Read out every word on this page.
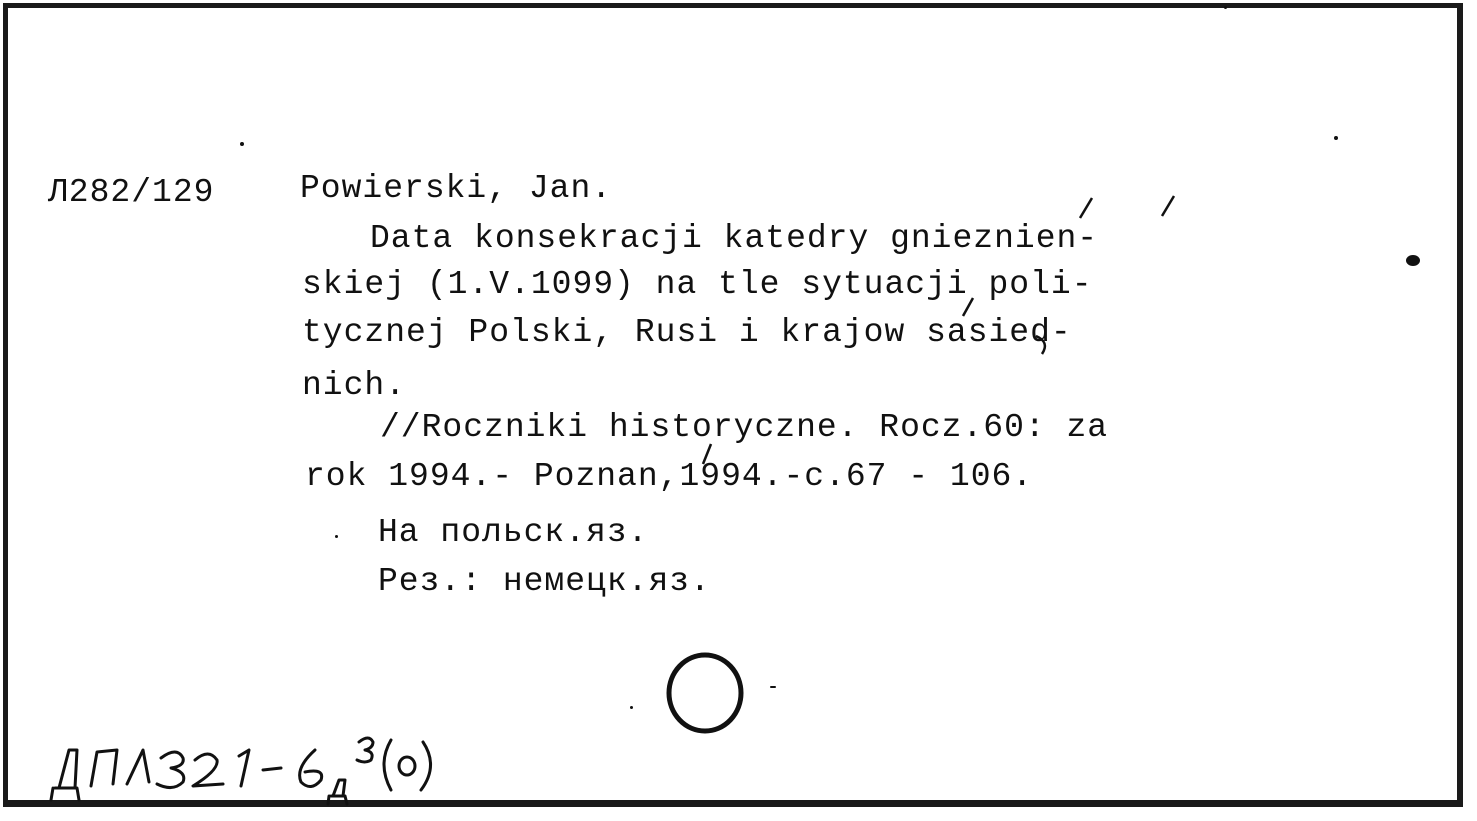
Л282/129	Powierski, Jan.
Data konsekracji katedry gnieznien-
skiej (1.V.1099) na tle sytuacji poli-
tycznej Polski, Rusi i krajow sasied-
nich.
//Roczniki historyczne. Rocz.60: za
rok 1994.- Poznan,1994.-c.67 - 106.
На польск.яз.
Рез.: немецк.яз.
